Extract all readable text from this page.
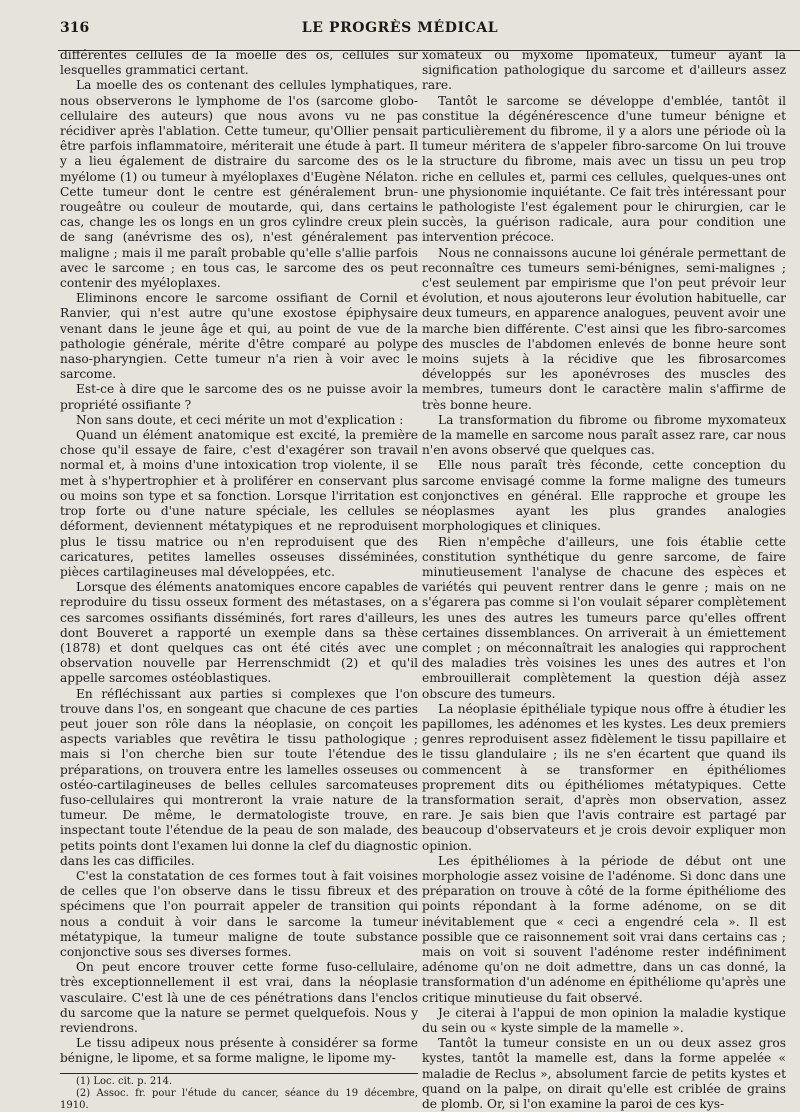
316	LE PROGRÈS MÉDICAL

différentes cellules de la moelle des os, cellules sur lesquelles grammatici certant.

La moelle des os contenant des cellules lymphatiques, nous observerons le lymphome de l'os (sarcome globo-cellulaire des auteurs) que nous avons vu ne pas récidiver après l'ablation. Cette tumeur, qu'Ollier pensait être parfois inflammatoire, mériterait une étude à part. Il y a lieu également de distraire du sarcome des os le myélome (1) ou tumeur à myéloplaxes d'Eugène Nélaton. Cette tumeur dont le centre est généralement brun-rougeâtre ou couleur de moutarde, qui, dans certains cas, change les os longs en un gros cylindre creux plein de sang (anévrisme des os), n'est généralement pas maligne ; mais il me paraît probable qu'elle s'allie parfois avec le sarcome ; en tous cas, le sarcome des os peut contenir des myéloplaxes.

Eliminons encore le sarcome ossifiant de Cornil et Ranvier, qui n'est autre qu'une exostose épiphysaire venant dans le jeune âge et qui, au point de vue de la pathologie générale, mérite d'être comparé au polype naso-pharyngien. Cette tumeur n'a rien à voir avec le sarcome.

Est-ce à dire que le sarcome des os ne puisse avoir la propriété ossifiante ?

Non sans doute, et ceci mérite un mot d'explication :

Quand un élément anatomique est excité, la première chose qu'il essaye de faire, c'est d'exagérer son travail normal et, à moins d'une intoxication trop violente, il se met à s'hypertrophier et à proliférer en conservant plus ou moins son type et sa fonction. Lorsque l'irritation est trop forte ou d'une nature spéciale, les cellules se déforment, deviennent métatypiques et ne reproduisent plus le tissu matrice ou n'en reproduisent que des caricatures, petites lamelles osseuses disséminées, pièces cartilagineuses mal développées, etc.

Lorsque des éléments anatomiques encore capables de reproduire du tissu osseux forment des métastases, on a ces sarcomes ossifiants disséminés, fort rares d'ailleurs, dont Bouveret a rapporté un exemple dans sa thèse (1878) et dont quelques cas ont été cités avec une observation nouvelle par Herrenschmidt (2) et qu'il appelle sarcomes ostéoblastiques.

En réfléchissant aux parties si complexes que l'on trouve dans l'os, en songeant que chacune de ces parties peut jouer son rôle dans la néoplasie, on conçoit les aspects variables que revêtira le tissu pathologique ; mais si l'on cherche bien sur toute l'étendue des préparations, on trouvera entre les lamelles osseuses ou ostéo-cartilagineuses de belles cellules sarcomateuses fuso-cellulaires qui montreront la vraie nature de la tumeur. De même, le dermatologiste trouve, en inspectant toute l'étendue de la peau de son malade, des petits points dont l'examen lui donne la clef du diagnostic dans les cas difficiles.

C'est la constatation de ces formes tout à fait voisines de celles que l'on observe dans le tissu fibreux et des spécimens que l'on pourrait appeler de transition qui nous a conduit à voir dans le sarcome la tumeur métatypique, la tumeur maligne de toute substance conjonctive sous ses diverses formes.

On peut encore trouver cette forme fuso-cellulaire, très exceptionnellement il est vrai, dans la néoplasie vasculaire. C'est là une de ces pénétrations dans l'enclos du sarcome que la nature se permet quelquefois. Nous y reviendrons.

Le tissu adipeux nous présente à considérer sa forme bénigne, le lipome, et sa forme maligne, le lipome my-

(1) Loc. cit. p. 214.
(2) Assoc. fr. pour l'étude du cancer, séance du 19 décembre, 1910.

xomateux ou myxome lipomateux, tumeur ayant la signification pathologique du sarcome et d'ailleurs assez rare.

Tantôt le sarcome se développe d'emblée, tantôt il constitue la dégénérescence d'une tumeur bénigne et particulièrement du fibrome, il y a alors une période où la tumeur méritera de s'appeler fibro-sarcome On lui trouve la structure du fibrome, mais avec un tissu un peu trop riche en cellules et, parmi ces cellules, quelques-unes ont une physionomie inquiétante. Ce fait très intéressant pour le pathologiste l'est également pour le chirurgien, car le succès, la guérison radicale, aura pour condition une intervention précoce.

Nous ne connaissons aucune loi générale permettant de reconnaître ces tumeurs semi-bénignes, semi-malignes ; c'est seulement par empirisme que l'on peut prévoir leur évolution, et nous ajouterons leur évolution habituelle, car deux tumeurs, en apparence analogues, peuvent avoir une marche bien différente. C'est ainsi que les fibro-sarcomes des muscles de l'abdomen enlevés de bonne heure sont moins sujets à la récidive que les fibrosarcomes développés sur les aponévroses des muscles des membres, tumeurs dont le caractère malin s'affirme de très bonne heure.

La transformation du fibrome ou fibrome myxomateux de la mamelle en sarcome nous paraît assez rare, car nous n'en avons observé que quelques cas.

Elle nous paraît très féconde, cette conception du sarcome envisagé comme la forme maligne des tumeurs conjonctives en général. Elle rapproche et groupe les néoplasmes ayant les plus grandes analogies morphologiques et cliniques.

Rien n'empêche d'ailleurs, une fois établie cette constitution synthétique du genre sarcome, de faire minutieusement l'analyse de chacune des espèces et variétés qui peuvent rentrer dans le genre ; mais on ne s'égarera pas comme si l'on voulait séparer complètement les unes des autres les tumeurs parce qu'elles offrent certaines dissemblances. On arriverait à un émiettement complet ; on méconnaîtrait les analogies qui rapprochent des maladies très voisines les unes des autres et l'on embrouillerait complètement la question déjà assez obscure des tumeurs.

La néoplasie épithéliale typique nous offre à étudier les papillomes, les adénomes et les kystes. Les deux premiers genres reproduisent assez fidèlement le tissu papillaire et le tissu glandulaire ; ils ne s'en écartent que quand ils commencent à se transformer en épithéliomes proprement dits ou épithéliomes métatypiques. Cette transformation serait, d'après mon observation, assez rare. Je sais bien que l'avis contraire est partagé par beaucoup d'observateurs et je crois devoir expliquer mon opinion.

Les épithéliomes à la période de début ont une morphologie assez voisine de l'adénome. Si donc dans une préparation on trouve à côté de la forme épithéliome des points répondant à la forme adénome, on se dit inévitablement que « ceci a engendré cela ». Il est possible que ce raisonnement soit vrai dans certains cas ; mais on voit si souvent l'adénome rester indéfiniment adénome qu'on ne doit admettre, dans un cas donné, la transformation d'un adénome en épithéliome qu'après une critique minutieuse du fait observé.

Je citerai à l'appui de mon opinion la maladie kystique du sein ou « kyste simple de la mamelle ».

Tantôt la tumeur consiste en un ou deux assez gros kystes, tantôt la mamelle est, dans la forme appelée « maladie de Reclus », absolument farcie de petits kystes et quand on la palpe, on dirait qu'elle est criblée de grains de plomb. Or, si l'on examine la paroi de ces kys-
